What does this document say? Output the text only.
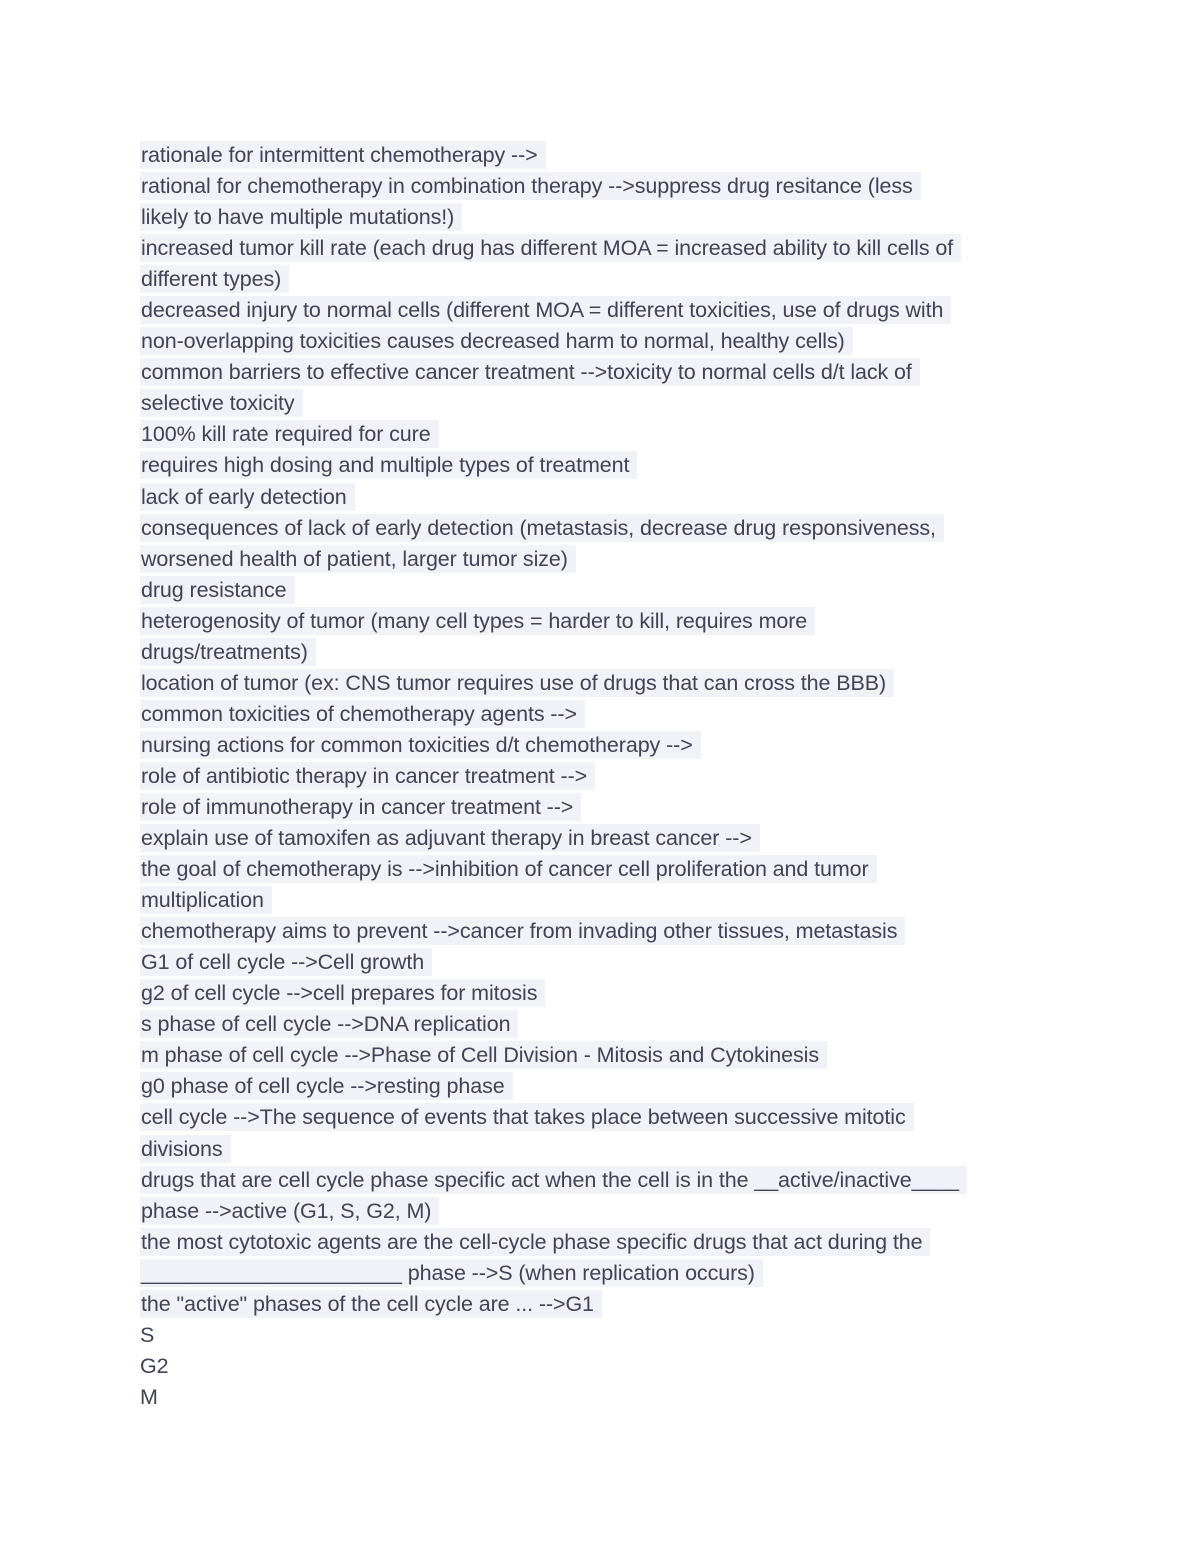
rationale for intermittent chemotherapy -->
rational for chemotherapy in combination therapy -->suppress drug resitance (less
likely to have multiple mutations!)
increased tumor kill rate (each drug has different MOA = increased ability to kill cells of
different types)
decreased injury to normal cells (different MOA = different toxicities, use of drugs with
non-overlapping toxicities causes decreased harm to normal, healthy cells)
common barriers to effective cancer treatment -->toxicity to normal cells d/t lack of
selective toxicity
100% kill rate required for cure
requires high dosing and multiple types of treatment
lack of early detection
consequences of lack of early detection (metastasis, decrease drug responsiveness,
worsened health of patient, larger tumor size)
drug resistance
heterogenosity of tumor (many cell types = harder to kill, requires more
drugs/treatments)
location of tumor (ex: CNS tumor requires use of drugs that can cross the BBB)
common toxicities of chemotherapy agents -->
nursing actions for common toxicities d/t chemotherapy -->
role of antibiotic therapy in cancer treatment -->
role of immunotherapy in cancer treatment -->
explain use of tamoxifen as adjuvant therapy in breast cancer -->
the goal of chemotherapy is -->inhibition of cancer cell proliferation and tumor
multiplication
chemotherapy aims to prevent -->cancer from invading other tissues, metastasis
G1 of cell cycle -->Cell growth
g2 of cell cycle -->cell prepares for mitosis
s phase of cell cycle -->DNA replication
m phase of cell cycle -->Phase of Cell Division - Mitosis and Cytokinesis
g0 phase of cell cycle -->resting phase
cell cycle -->The sequence of events that takes place between successive mitotic
divisions
drugs that are cell cycle phase specific act when the cell is in the __active/inactive____
phase -->active (G1, S, G2, M)
the most cytotoxic agents are the cell-cycle phase specific drugs that act during the
______________________ phase -->S (when replication occurs)
the "active" phases of the cell cycle are ... -->G1
S
G2
M
